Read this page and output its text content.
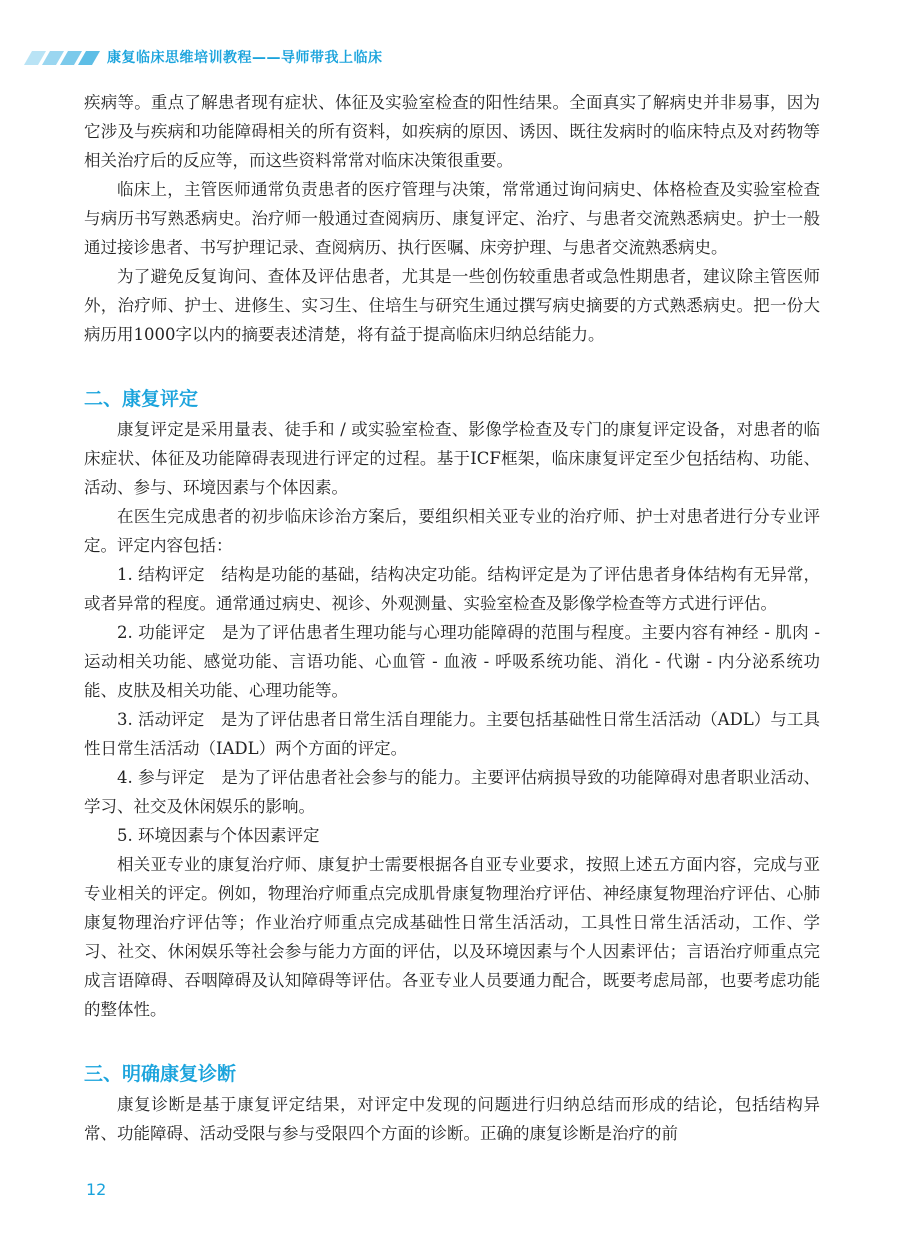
康复临床思维培训教程——导师带我上临床

疾病等。重点了解患者现有症状、体征及实验室检查的阳性结果。全面真实了解病史并非易事，因为它涉及与疾病和功能障碍相关的所有资料，如疾病的原因、诱因、既往发病时的临床特点及对药物等相关治疗后的反应等，而这些资料常常对临床决策很重要。

临床上，主管医师通常负责患者的医疗管理与决策，常常通过询问病史、体格检查及实验室检查与病历书写熟悉病史。治疗师一般通过查阅病历、康复评定、治疗、与患者交流熟悉病史。护士一般通过接诊患者、书写护理记录、查阅病历、执行医嘱、床旁护理、与患者交流熟悉病史。

为了避免反复询问、查体及评估患者，尤其是一些创伤较重患者或急性期患者，建议除主管医师外，治疗师、护士、进修生、实习生、住培生与研究生通过撰写病史摘要的方式熟悉病史。把一份大病历用1000字以内的摘要表述清楚，将有益于提高临床归纳总结能力。

二、康复评定

康复评定是采用量表、徒手和 / 或实验室检查、影像学检查及专门的康复评定设备，对患者的临床症状、体征及功能障碍表现进行评定的过程。基于ICF框架，临床康复评定至少包括结构、功能、活动、参与、环境因素与个体因素。

在医生完成患者的初步临床诊治方案后，要组织相关亚专业的治疗师、护士对患者进行分专业评定。评定内容包括：

1. 结构评定　 结构是功能的基础，结构决定功能。结构评定是为了评估患者身体结构有无异常，或者异常的程度。通常通过病史、视诊、外观测量、实验室检查及影像学检查等方式进行评估。

2. 功能评定　 是为了评估患者生理功能与心理功能障碍的范围与程度。主要内容有神经 - 肌肉 - 运动相关功能、感觉功能、言语功能、心血管 - 血液 - 呼吸系统功能、消化 - 代谢 - 内分泌系统功能、皮肤及相关功能、心理功能等。

3. 活动评定　 是为了评估患者日常生活自理能力。主要包括基础性日常生活活动（ADL）与工具性日常生活活动（IADL）两个方面的评定。

4. 参与评定　 是为了评估患者社会参与的能力。主要评估病损导致的功能障碍对患者职业活动、学习、社交及休闲娱乐的影响。

5. 环境因素与个体因素评定

相关亚专业的康复治疗师、康复护士需要根据各自亚专业要求，按照上述五方面内容，完成与亚专业相关的评定。例如，物理治疗师重点完成肌骨康复物理治疗评估、神经康复物理治疗评估、心肺康复物理治疗评估等；作业治疗师重点完成基础性日常生活活动，工具性日常生活活动，工作、学习、社交、休闲娱乐等社会参与能力方面的评估，以及环境因素与个人因素评估；言语治疗师重点完成言语障碍、吞咽障碍及认知障碍等评估。各亚专业人员要通力配合，既要考虑局部，也要考虑功能的整体性。

三、明确康复诊断

康复诊断是基于康复评定结果，对评定中发现的问题进行归纳总结而形成的结论，包括结构异常、功能障碍、活动受限与参与受限四个方面的诊断。正确的康复诊断是治疗的前

12
